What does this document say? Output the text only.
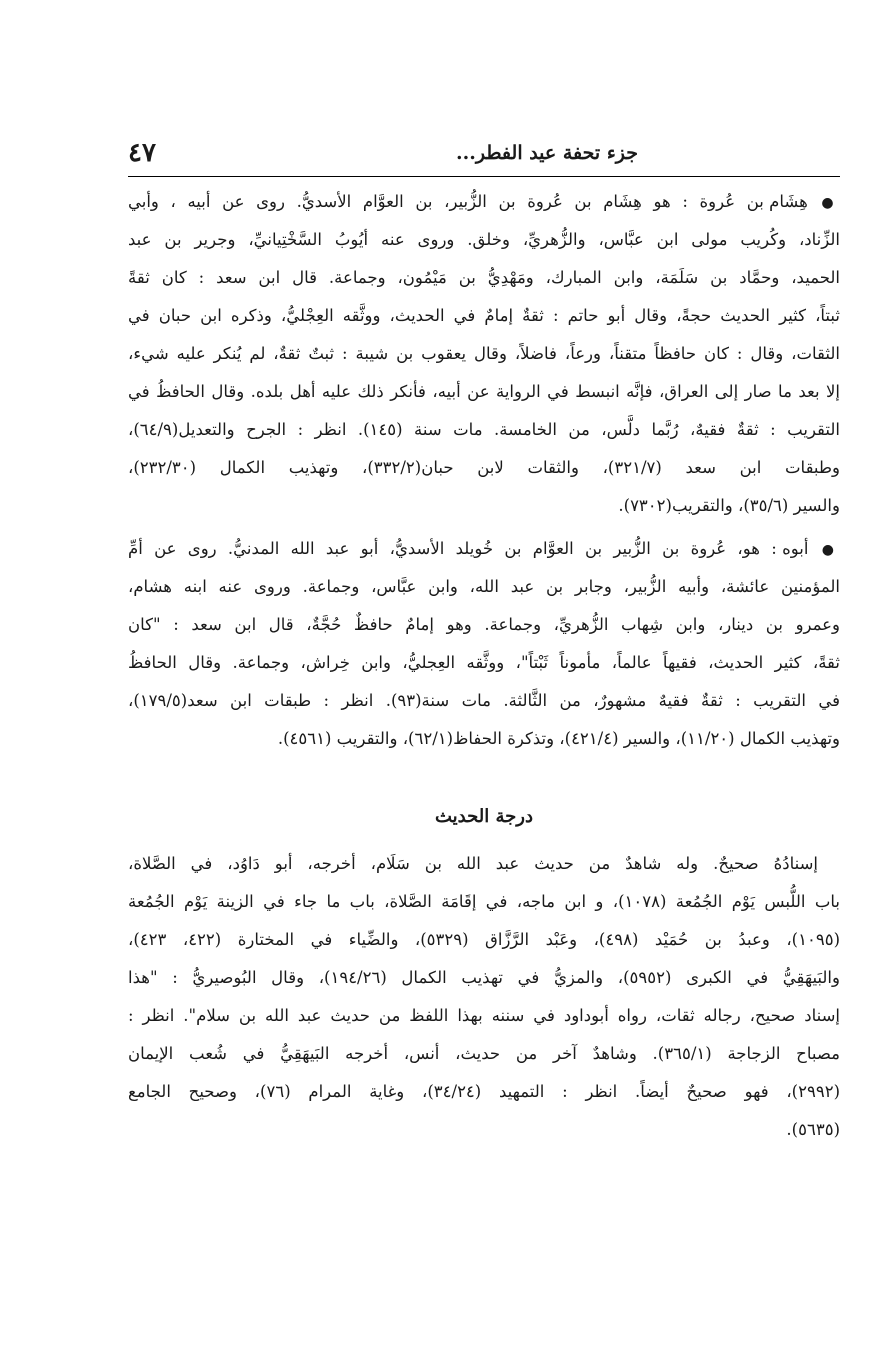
جزء تحفة عيد الفطر...
٤٧
● هِشَام بن عُروة : هو هِشَام بن عُروة بن الزُّبير، بن العوَّام الأسديُّ. روى عن أبيه ، وأبي
الزِّناد، وكُريب مولى ابن عبَّاس، والزُّهريِّ، وخلق. وروى عنه أيُوبُ السَّخْتِيانيِّ، وجرير بن عبد
الحميد، وحمَّاد بن سَلَمَة، وابن المبارك، ومَهْدِيُّ بن مَيْمُون، وجماعة. قال ابن سعد : كان ثقةً
ثبتاً، كثير الحديث حجةً، وقال أبو حاتم : ثقةٌ إمامٌ في الحديث، ووثَّقه العِجْليُّ، وذكره ابن حبان في
الثقات، وقال : كان حافظاً متقناً، ورعاً، فاضلاً، وقال يعقوب بن شيبة : ثبتٌ ثقةٌ، لم يُنكر عليه شيء،
إلا بعد ما صار إلى العراق، فإنَّه انبسط في الرواية عن أبيه، فأنكر ذلك عليه أهل بلده. وقال الحافظُ في
التقريب : ثقةٌ فقيهٌ، رُبَّما دلَّس، من الخامسة. مات سنة (١٤٥). انظر : الجرح والتعديل(٦٤/٩)،
وطبقات ابن سعد (٣٢١/٧)، والثقات لابن حبان(٣٣٢/٢)، وتهذيب الكمال (٢٣٢/٣٠)،
والسير (٣٥/٦)، والتقريب(٧٣٠٢).
● أبوه : هو، عُروة بن الزُّبير بن العوَّام بن خُويلد الأسديُّ، أبو عبد الله المدنيُّ. روى عن أمِّ
المؤمنين عائشة، وأبيه الزُّبير، وجابر بن عبد الله، وابن عبَّاس، وجماعة. وروى عنه ابنه هشام،
وعمرو بن دينار، وابن شِهاب الزُّهريِّ، وجماعة. وهو إمامٌ حافظٌ حُجَّةٌ، قال ابن سعد : "كان
ثقةً، كثير الحديث، فقيهاً عالماً، مأموناً ثَبْتاً"، ووثَّقه العِجليُّ، وابن خِراش، وجماعة. وقال الحافظُ
في التقريب : ثقةٌ فقيهٌ مشهورٌ، من الثَّالثة. مات سنة(٩٣). انظر : طبقات ابن سعد(١٧٩/٥)،
وتهذيب الكمال (١١/٢٠)، والسير (٤٢١/٤)، وتذكرة الحفاظ(٦٢/١)، والتقريب (٤٥٦١).
درجة الحديث
إسنادُهُ صحيحٌ. وله شاهدٌ من حديث عبد الله بن سَلَام، أخرجه، أبو دَاوُد، في الصَّلاة،
باب اللُّبس يَوْم الجُمُعة (١٠٧٨)، و ابن ماجه، في إقَامَة الصَّلاة، باب ما جاء في الزينة يَوْم الجُمُعة
(١٠٩٥)، وعبدُ بن حُمَيْد (٤٩٨)، وعَبْد الرَّزَّاق (٥٣٢٩)، والضِّياء في المختارة (٤٢٢، ٤٢٣)،
والبَيهَقِيُّ في الكبرى (٥٩٥٢)، والمزيُّ في تهذيب الكمال (١٩٤/٢٦)، وقال البُوصيريُّ : "هذا
إسناد صحيح، رجاله ثقات، رواه أبوداود في سننه بهذا اللفظ من حديث عبد الله بن سلام". انظر :
مصباح الزجاجة (٣٦٥/١). وشاهدٌ آخر من حديث، أنس، أخرجه البَيهَقِيُّ في شُعب الإيمان
(٢٩٩٢)، فهو صحيحٌ أيضاً. انظر : التمهيد (٣٤/٢٤)، وغاية المرام (٧٦)، وصحيح الجامع
(٥٦٣٥).
